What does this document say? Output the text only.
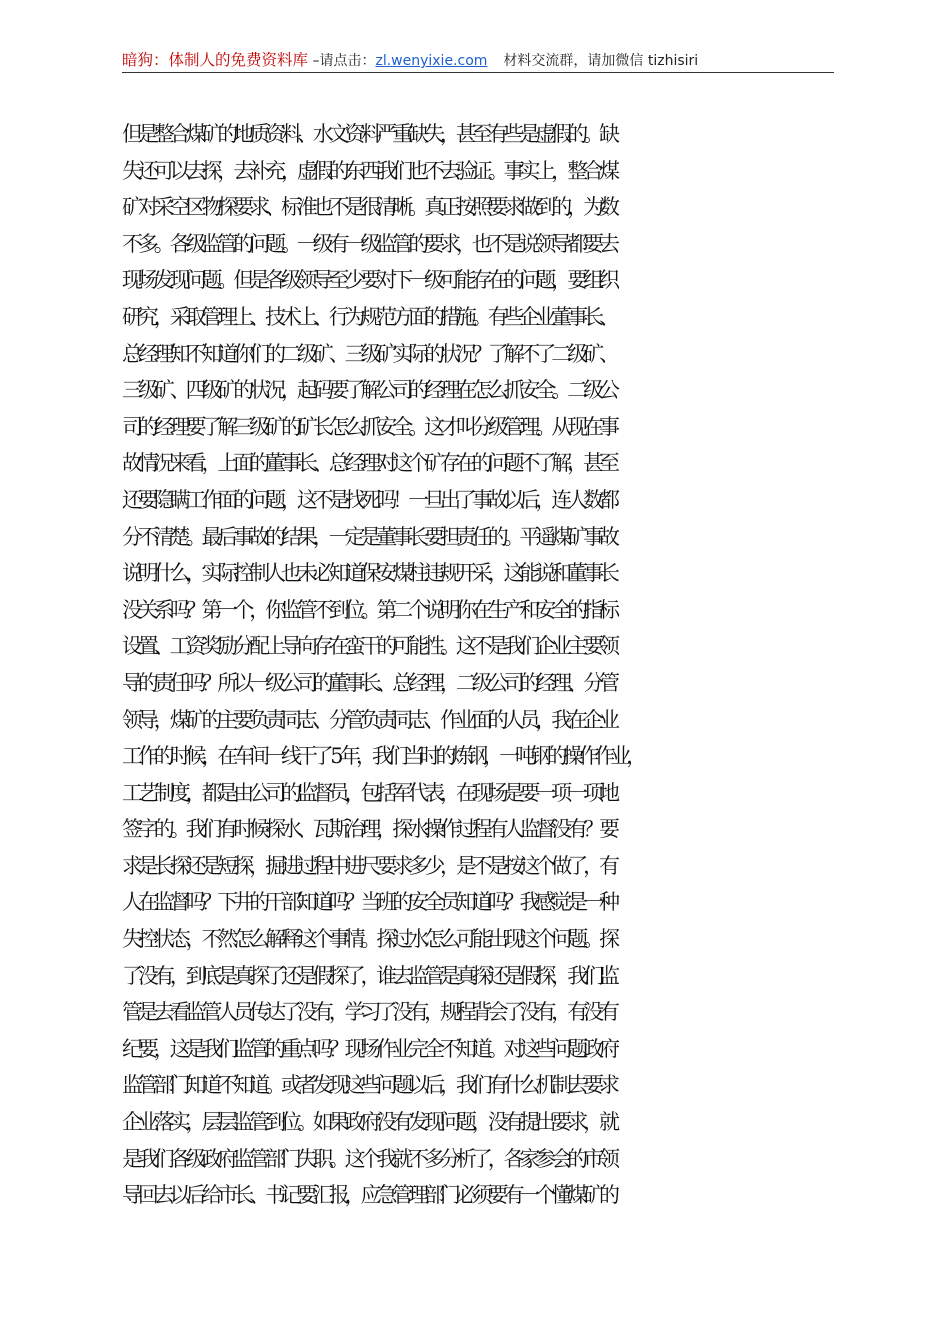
暗狗：体制人的免费资料库 –请点击：zl.wenyixie.com 材料交流群，请加微信 tizhisiri
但是整合煤矿的地质资料、水文资料严重缺失，甚至有些是虚假的。缺
失还可以去探，去补充，虚假的东西我们也不去验证。事实上，整合煤
矿对采空区物探要求、标准也不是很清晰。真正按照要求做到的，为数
不多。各级监管的问题。一级有一级监管的要求，也不是说领导都要去
现场发现问题。但是各级领导至少要对下一级可能存在的问题，要组织
研究，采取管理上、技术上、行为规范方面的措施。有些企业董事长、
总经理知不知道你们的二级矿、三级矿实际的状况？了解不了二级矿、
三级矿、四级矿的状况，起码要了解公司的经理在怎么抓安全。二级公
司的经理要了解三级矿的矿长怎么抓安全。这才叫分级管理。从现在事
故情况来看，上面的董事长、总经理对这个矿存在的问题不了解，甚至
还要隐瞒工作面的问题，这不是找死吗！一旦出了事故以后，连人数都
分不清楚。最后事故的结果，一定是董事长要担责任的。平遥煤矿事故
说明什么，实际控制人也未必知道保安煤柱违规开采，这能说和董事长
没关系吗？第一个，你监管不到位。第二个说明你在生产和安全的指标
设置、工资奖励分配上导向存在蛮干的可能性。这不是我们企业主要领
导的责任吗？所以一级公司的董事长、总经理，二级公司的经理、分管
领导，煤矿的主要负责同志、分管负责同志、作业面的人员，我在企业
工作的时候，在车间一线干了 5 年，我们当时的炼钢，一吨钢的操作作业，
工艺制度，都是由公司的监督员，包括军代表，在现场是要一项一项地
签字的。我们有时候探水、瓦斯治理，探水操作过程有人监督没有？要
求是长探还是短探，掘进过程中进尺要求多少，是不是按这个做了，有
人在监督吗？下井的干部知道吗？当班的安全员知道吗？我感觉是一种
失控状态，不然怎么解释这个事情。探过水怎么可能出现这个问题。探
了没有，到底是真探了还是假探了，谁去监管是真探还是假探，我们监
管是去看监管人员传达了没有，学习了没有，规程背会了没有，有没有
纪要，这是我们监管的重点吗？现场作业完全不知道。对这些问题政府
监管部门知道不知道。或者发现这些问题以后，我们有什么机制去要求
企业落实，层层监管到位。如果政府没有发现问题，没有提出要求，就
是我们各级政府监管部门失职。这个我就不多分析了，各家参会的市领
导回去以后给市长、书记要汇报，应急管理部门必须要有一个懂煤矿的
